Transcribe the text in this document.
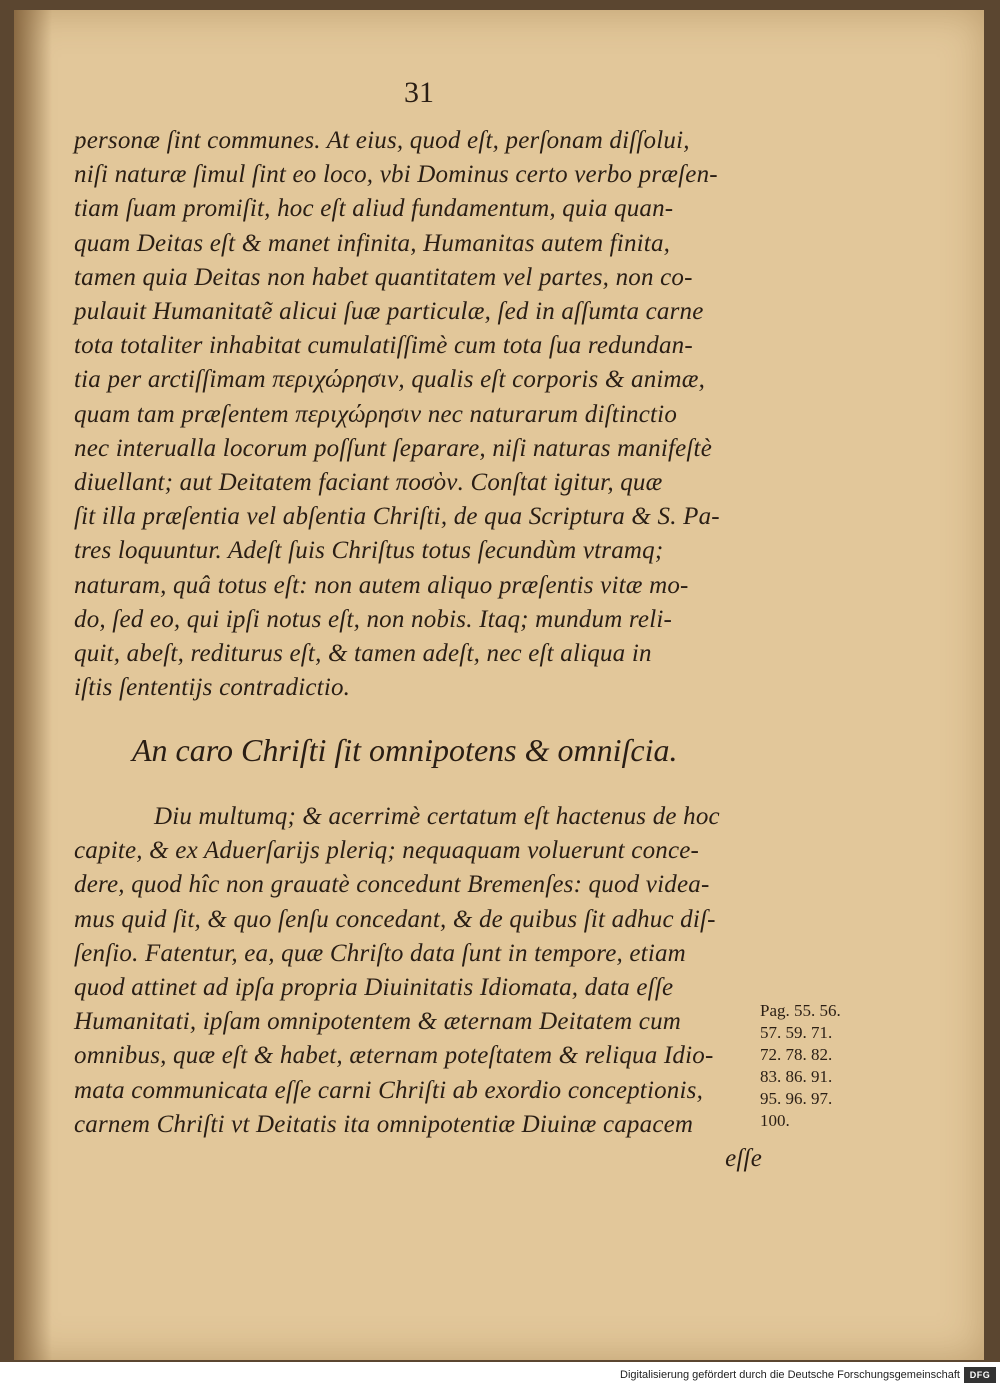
31
personæ ſint communes. At eius, quod eſt, perſonam diſſolui,
niſi naturæ ſimul ſint eo loco, vbi Dominus certo verbo præſen-
tiam ſuam promiſit, hoc eſt aliud fundamentum, quia quan-
quam Deitas eſt & manet infinita, Humanitas autem finita,
tamen quia Deitas non habet quantitatem vel partes, non co-
pulauit Humanitatẽ alicui ſuæ particulæ, ſed in aſſumta carne
tota totaliter inhabitat cumulatiſſimè cum tota ſua redundan-
tia per arctiſſimam περιχώρησιν, qualis eſt corporis & animæ,
quam tam præſentem περιχώρησιν nec naturarum diſtinctio
nec interualla locorum poſſunt ſeparare, niſi naturas manifeſtè
diuellant; aut Deitatem faciant ποσὸν. Conſtat igitur, quæ
ſit illa præſentia vel abſentia Chriſti, de qua Scriptura & S. Pa-
tres loquuntur. Adeſt ſuis Chriſtus totus ſecundùm vtramq;
naturam, quâ totus eſt: non autem aliquo præſentis vitæ mo-
do, ſed eo, qui ipſi notus eſt, non nobis. Itaq; mundum reli-
quit, abeſt, rediturus eſt, & tamen adeſt, nec eſt aliqua in
iſtis ſententijs contradictio.
An caro Chriſti ſit omnipotens & omniſcia.
Diu multumq; & acerrimè certatum eſt hactenus de hoc
capite, & ex Aduerſarijs pleriq; nequaquam voluerunt conce-
dere, quod hîc non grauatè concedunt Bremenſes: quod videa-
mus quid ſit, & quo ſenſu concedant, & de quibus ſit adhuc diſ-
ſenſio. Fatentur, ea, quæ Chriſto data ſunt in tempore, etiam
quod attinet ad ipſa propria Diuinitatis Idiomata, data eſſe
Humanitati, ipſam omnipotentem & æternam Deitatem cum
omnibus, quæ eſt & habet, æternam poteſtatem & reliqua Idio-
mata communicata eſſe carni Chriſti ab exordio conceptionis,
carnem Chriſti vt Deitatis ita omnipotentiæ Diuinæ capacem
eſſe
Pag. 55. 56.
57. 59. 71.
72. 78. 82.
83. 86. 91.
95. 96. 97.
100.
Digitalisierung gefördert durch die Deutsche Forschungsgemeinschaft	DFG
